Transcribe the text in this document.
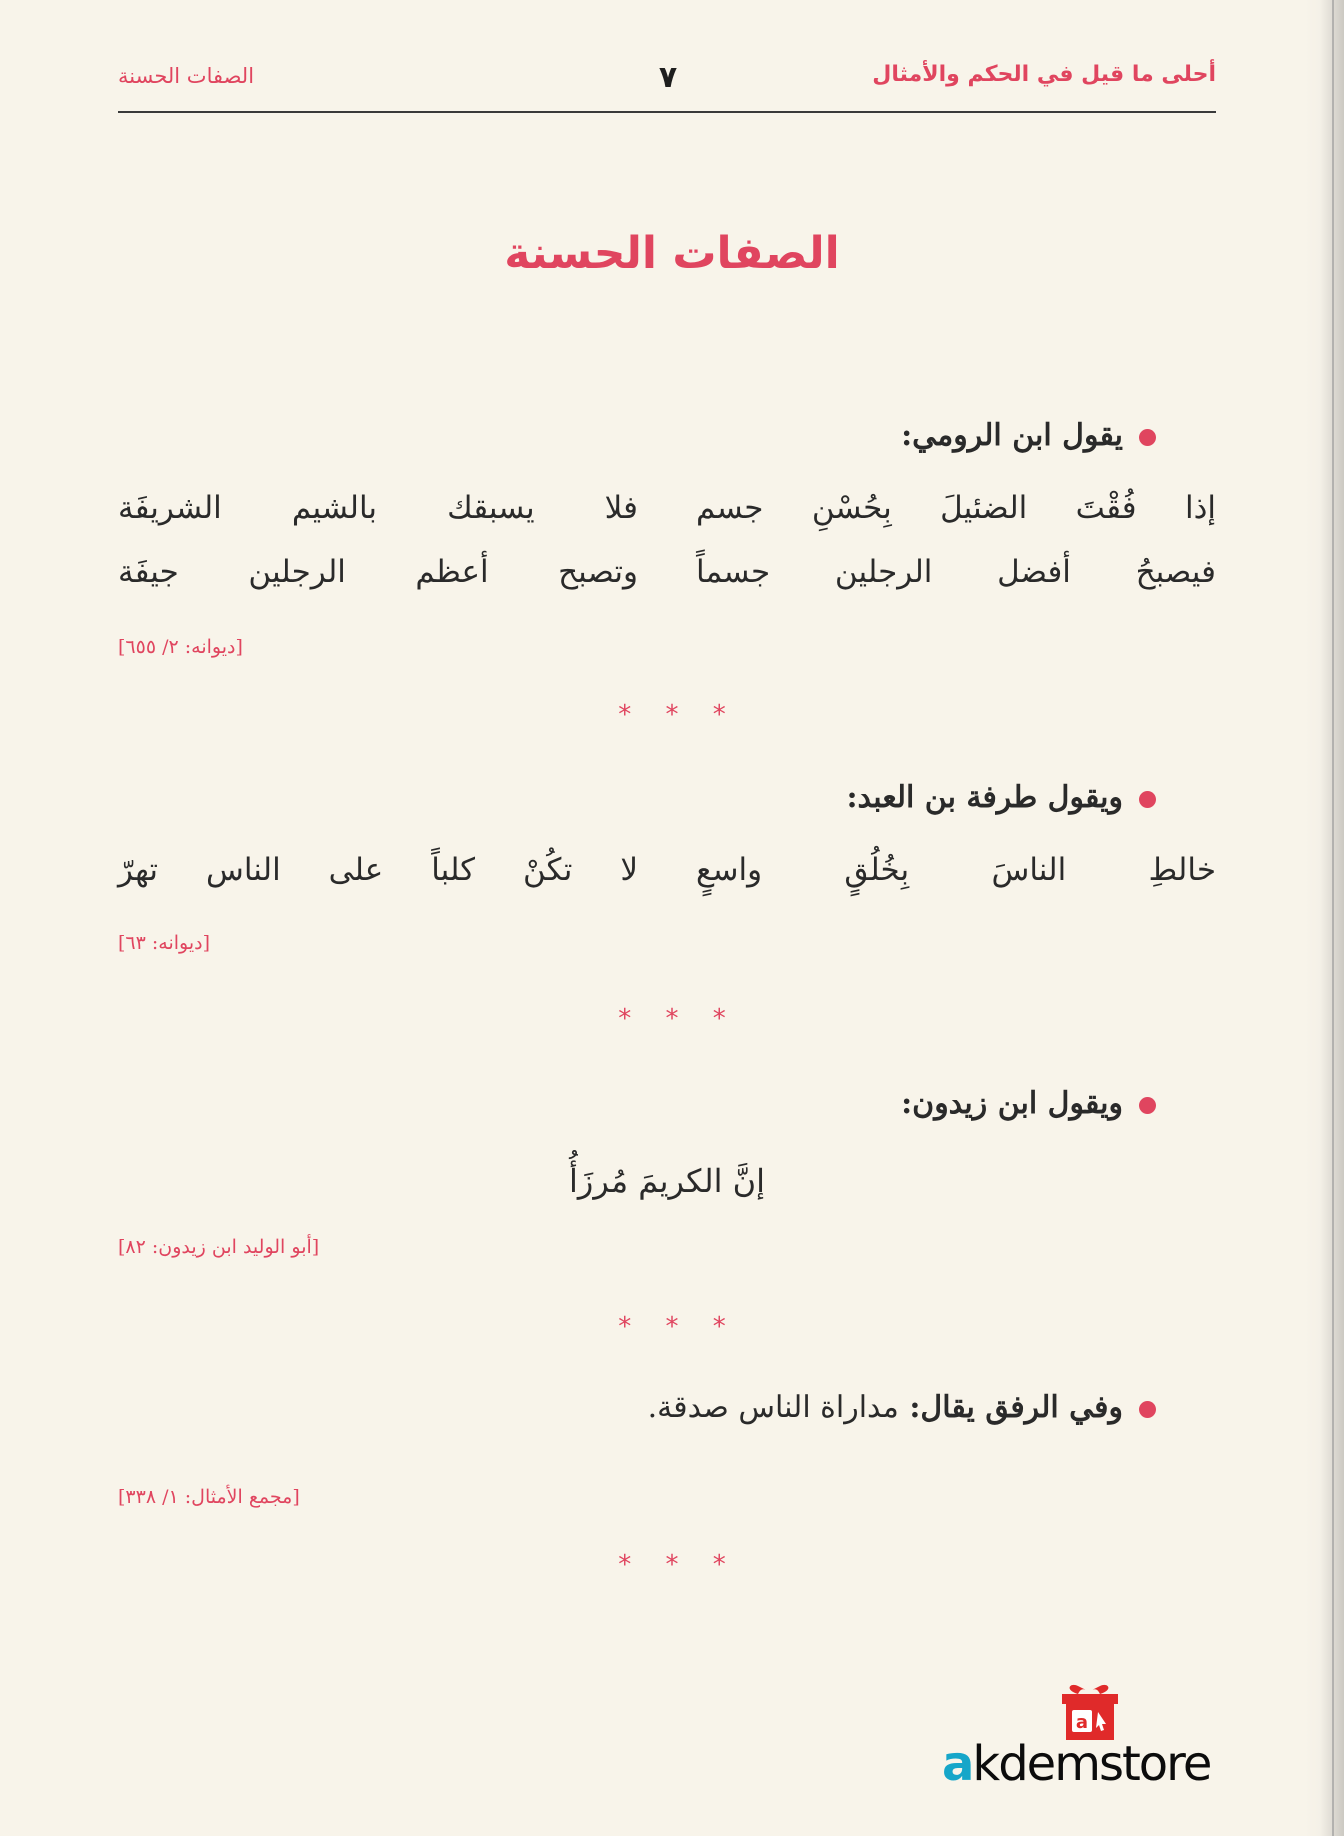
أحلى ما قيل في الحكم والأمثال
٧
الصفات الحسنة
الصفات الحسنة
يقول ابن الرومي:
إذا فُقْتَ الضئيلَ بِحُسْنِ جسم
فلا يسبقك بالشيم الشريفَة
فيصبحُ أفضل الرجلين جسماً
وتصبح أعظم الرجلين جيفَة
[ديوانه: ٢/ ٦٥٥]
* * *
ويقول طرفة بن العبد:
خالطِ الناسَ بِخُلُقٍ واسعٍ
لا تكُنْ كلباً على الناس تهرّ
[ديوانه: ٦٣]
* * *
ويقول ابن زيدون:
إنَّ الكريمَ مُرزَأُ
[أبو الوليد ابن زيدون: ٨٢]
* * *
وفي الرفق يقال: مداراة الناس صدقة.
[مجمع الأمثال: ١/ ٣٣٨]
* * *
a
akdemstore
